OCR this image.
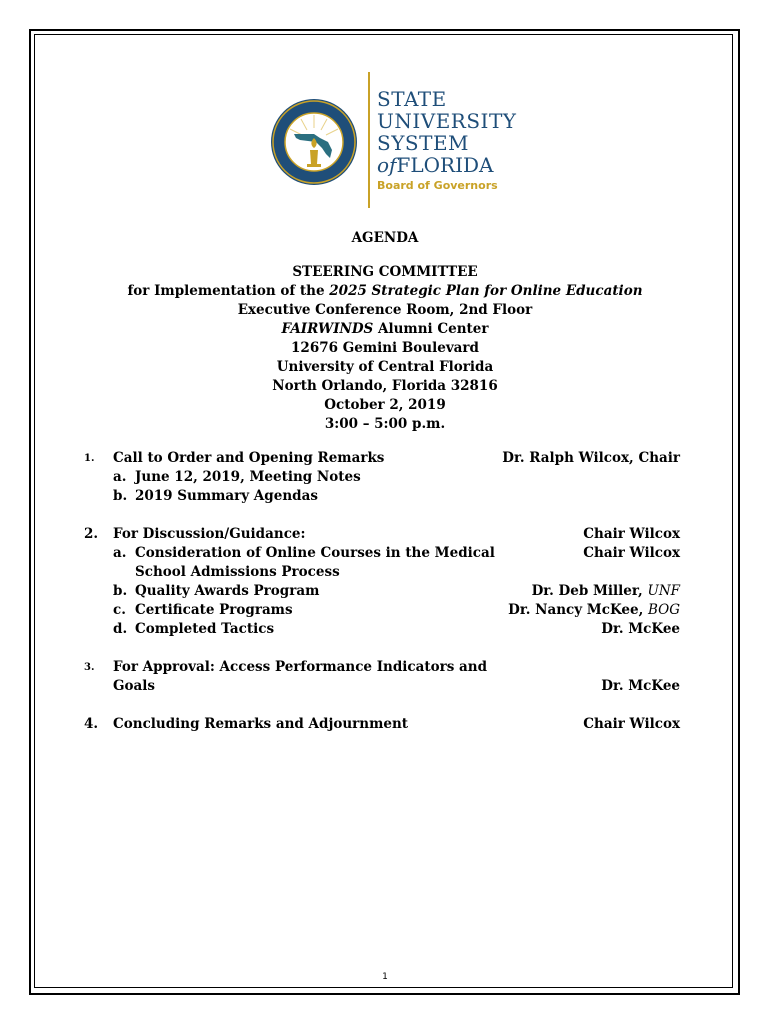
STATE
UNIVERSITY
SYSTEM
ofFLORIDA
Board of Governors
AGENDA
STEERING COMMITTEE
for Implementation of the 2025 Strategic Plan for Online Education
Executive Conference Room, 2nd Floor
FAIRWINDS Alumni Center
12676 Gemini Boulevard
University of Central Florida
North Orlando, Florida 32816
October 2, 2019
3:00 – 5:00 p.m.
1. Call to Order and Opening Remarks	Dr. Ralph Wilcox, Chair
a. June 12, 2019, Meeting Notes
b. 2019 Summary Agendas
2. For Discussion/Guidance:	Chair Wilcox
a. Consideration of Online Courses in the Medical	Chair Wilcox
School Admissions Process
b. Quality Awards Program	Dr. Deb Miller, UNF
c. Certificate Programs	Dr. Nancy McKee, BOG
d. Completed Tactics	Dr. McKee
3. For Approval: Access Performance Indicators and
Goals	Dr. McKee
4. Concluding Remarks and Adjournment	Chair Wilcox
1
